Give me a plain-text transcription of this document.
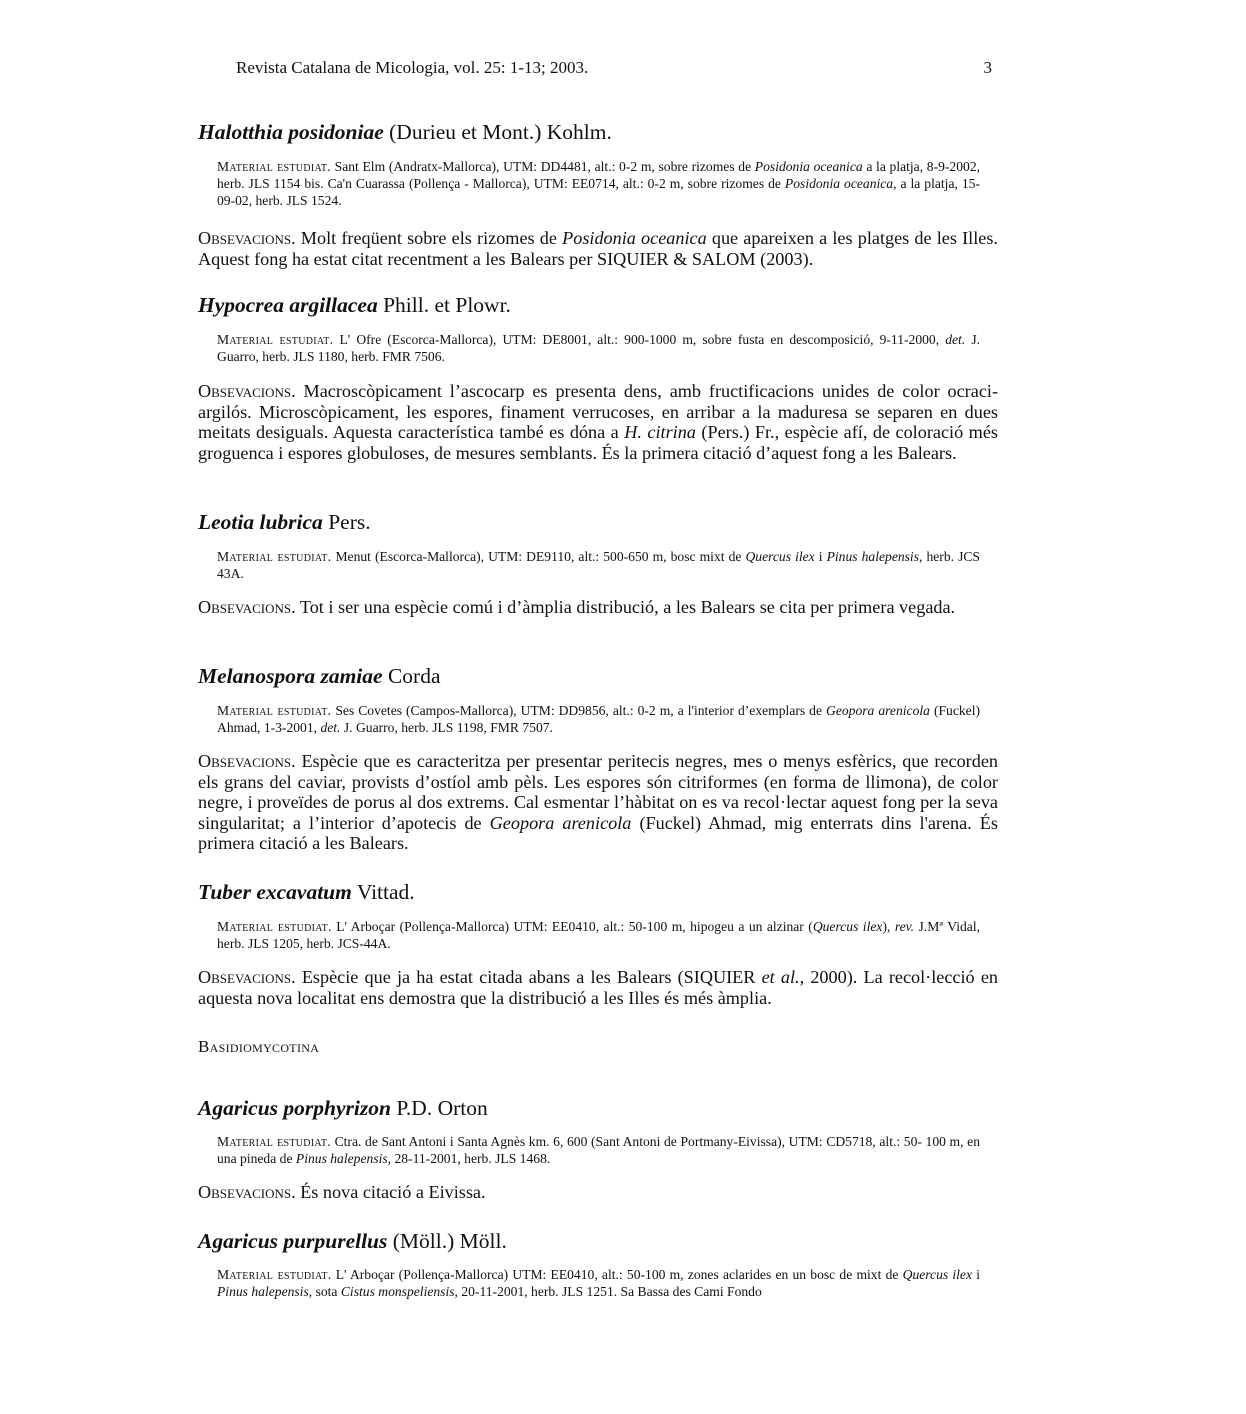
Revista Catalana de Micologia, vol. 25: 1-13; 2003.	3
Halotthia posidoniae (Durieu et Mont.) Kohlm.

Material estudiat. Sant Elm (Andratx-Mallorca), UTM: DD4481, alt.: 0-2 m, sobre rizomes de Posidonia oceanica a la platja, 8-9-2002, herb. JLS 1154 bis. Ca'n Cuarassa (Pollença - Mallorca), UTM: EE0714, alt.: 0-2 m, sobre rizomes de Posidonia oceanica, a la platja, 15-09-02, herb. JLS 1524.

Obsevacions. Molt freqüent sobre els rizomes de Posidonia oceanica que apareixen a les platges de les Illes. Aquest fong ha estat citat recentment a les Balears per SIQUIER & SALOM (2003).

Hypocrea argillacea Phill. et Plowr.

Material estudiat. L' Ofre (Escorca-Mallorca), UTM: DE8001, alt.: 900-1000 m, sobre fusta en descomposició, 9-11-2000, det. J. Guarro, herb. JLS 1180, herb. FMR 7506.

Obsevacions. Macroscòpicament l’ascocarp es presenta dens, amb fructificacions unides de color ocraci-argilós. Microscòpicament, les espores, finament verrucoses, en arribar a la maduresa se separen en dues meitats desiguals. Aquesta característica també es dóna a H. citrina (Pers.) Fr., espècie afí, de coloració més groguenca i espores globuloses, de mesures semblants. És la primera citació d’aquest fong a les Balears.

Leotia lubrica Pers.

Material estudiat. Menut (Escorca-Mallorca), UTM: DE9110, alt.: 500-650 m, bosc mixt de Quercus ilex i Pinus halepensis, herb. JCS 43A.

Obsevacions. Tot i ser una espècie comú i d’àmplia distribució, a les Balears se cita per primera vegada.

Melanospora zamiae Corda

Material estudiat. Ses Covetes (Campos-Mallorca), UTM: DD9856, alt.: 0-2 m, a l'interior d’exemplars de Geopora arenicola (Fuckel) Ahmad, 1-3-2001, det. J. Guarro, herb. JLS 1198, FMR 7507.

Obsevacions. Espècie que es caracteritza per presentar peritecis negres, mes o menys esfèrics, que recorden els grans del caviar, provists d’ostíol amb pèls. Les espores són citriformes (en forma de llimona), de color negre, i proveïdes de porus al dos extrems. Cal esmentar l’hàbitat on es va recol·lectar aquest fong per la seva singularitat; a l’interior d’apotecis de Geopora arenicola (Fuckel) Ahmad, mig enterrats dins l'arena. És primera citació a les Balears.

Tuber excavatum Vittad.

Material estudiat. L' Arboçar (Pollença-Mallorca) UTM: EE0410, alt.: 50-100 m, hipogeu a un alzinar (Quercus ilex), rev. J.Mª Vidal, herb. JLS 1205, herb. JCS-44A.

Obsevacions. Espècie que ja ha estat citada abans a les Balears (SIQUIER et al., 2000). La recol·lecció en aquesta nova localitat ens demostra que la distribució a les Illes és més àmplia.

Basidiomycotina
Agaricus porphyrizon P.D. Orton

Material estudiat. Ctra. de Sant Antoni i Santa Agnès km. 6, 600 (Sant Antoni de Portmany-Eivissa), UTM: CD5718, alt.: 50- 100 m, en una pineda de Pinus halepensis, 28-11-2001, herb. JLS 1468.

Obsevacions. És nova citació a Eivissa.

Agaricus purpurellus (Möll.) Möll.

Material estudiat. L' Arboçar (Pollença-Mallorca) UTM: EE0410, alt.: 50-100 m, zones aclarides en un bosc de mixt de Quercus ilex i Pinus halepensis, sota Cistus monspeliensis, 20-11-2001, herb. JLS 1251. Sa Bassa des Cami Fondo
